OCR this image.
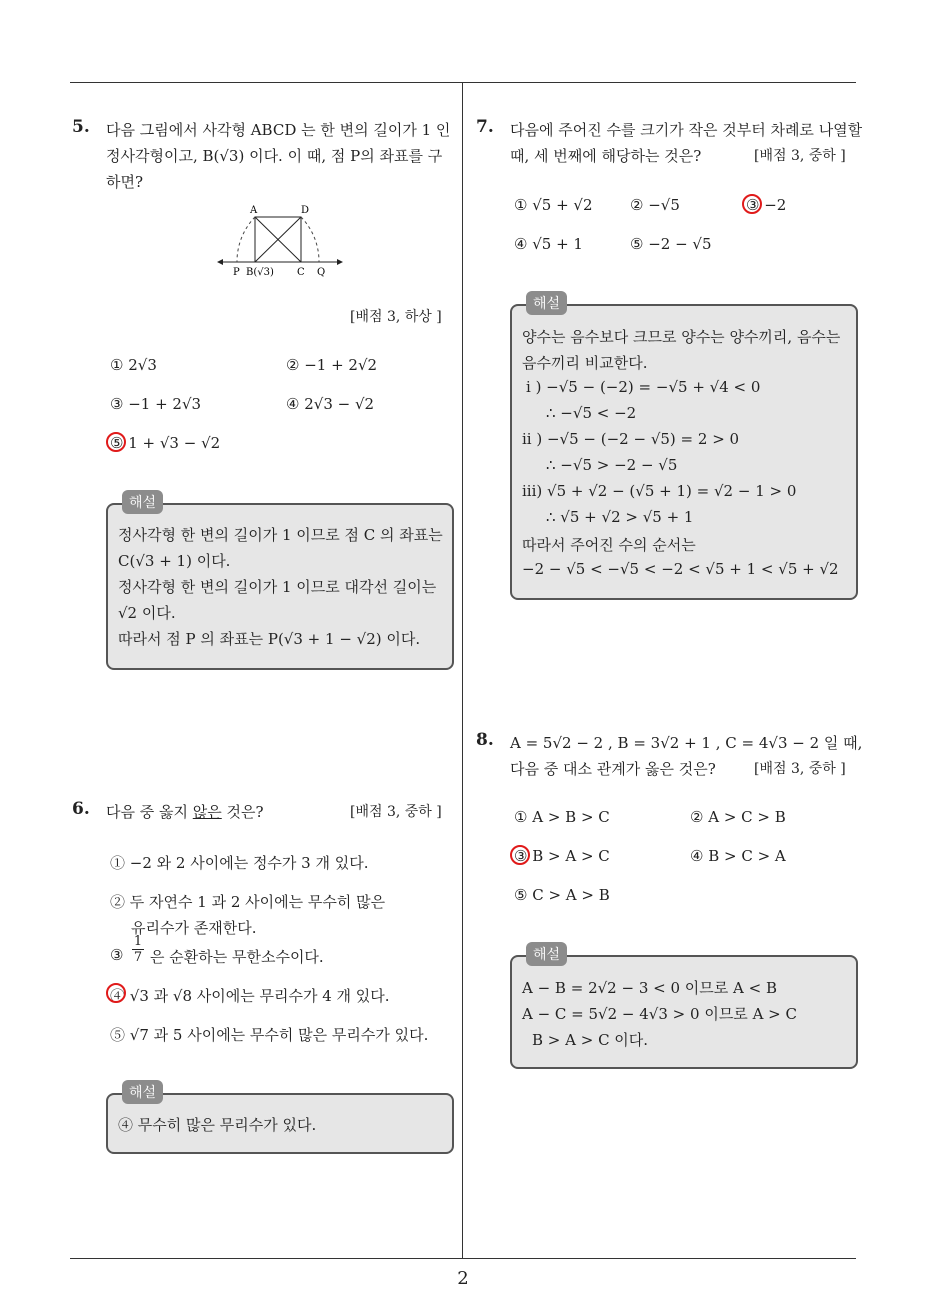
5. 다음 그림에서 사각형 ABCD 는 한 변의 길이가 1 인
정사각형이고, B(√3) 이다. 이 때, 점 P의 좌표를 구
하면?
A	D
P B(√3) C Q
[배점 3, 하상 ]
① 2√3	② −1 + 2√2
③ −1 + 2√3	④ 2√3 − √2
⑤ 1 + √3 − √2
해설
정사각형 한 변의 길이가 1 이므로 점 C 의 좌표는
C(√3 + 1) 이다.
정사각형 한 변의 길이가 1 이므로 대각선 길이는
√2 이다.
따라서 점 P 의 좌표는 P(√3 + 1 − √2) 이다.
6. 다음 중 옳지 않은 것은?	[배점 3, 중하 ]
① −2 와 2 사이에는 정수가 3 개 있다.
② 두 자연수 1 과 2 사이에는 무수히 많은
유리수가 존재한다.
③ $\frac{1}{7}$ 은 순환하는 무한소수이다.
④ √3 과 √8 사이에는 무리수가 4 개 있다.
⑤ √7 과 5 사이에는 무수히 많은 무리수가 있다.
해설
④ 무수히 많은 무리수가 있다.
7. 다음에 주어진 수를 크기가 작은 것부터 차례로 나열할
때, 세 번째에 해당하는 것은?	[배점 3, 중하 ]
① √5 + √2 ② −√5	③ −2
④ √5 + 1	⑤ −2 − √5
해설
양수는 음수보다 크므로 양수는 양수끼리, 음수는
음수끼리 비교한다.
i ) −√5 − (−2) = −√5 + √4 < 0
∴ −√5 < −2
ii ) −√5 − (−2 − √5) = 2 > 0
∴ −√5 > −2 − √5
iii) √5 + √2 − (√5 + 1) = √2 − 1 > 0
∴ √5 + √2 > √5 + 1
따라서 주어진 수의 순서는
−2 − √5 < −√5 < −2 < √5 + 1 < √5 + √2
8. A = 5√2 − 2 , B = 3√2 + 1 , C = 4√3 − 2 일 때,
다음 중 대소 관계가 옳은 것은?	[배점 3, 중하 ]
① A > B > C	② A > C > B
③ B > A > C	④ B > C > A
⑤ C > A > B
해설
A − B = 2√2 − 3 < 0 이므로 A < B
A − C = 5√2 − 4√3 > 0 이므로 A > C
B > A > C 이다.
2
